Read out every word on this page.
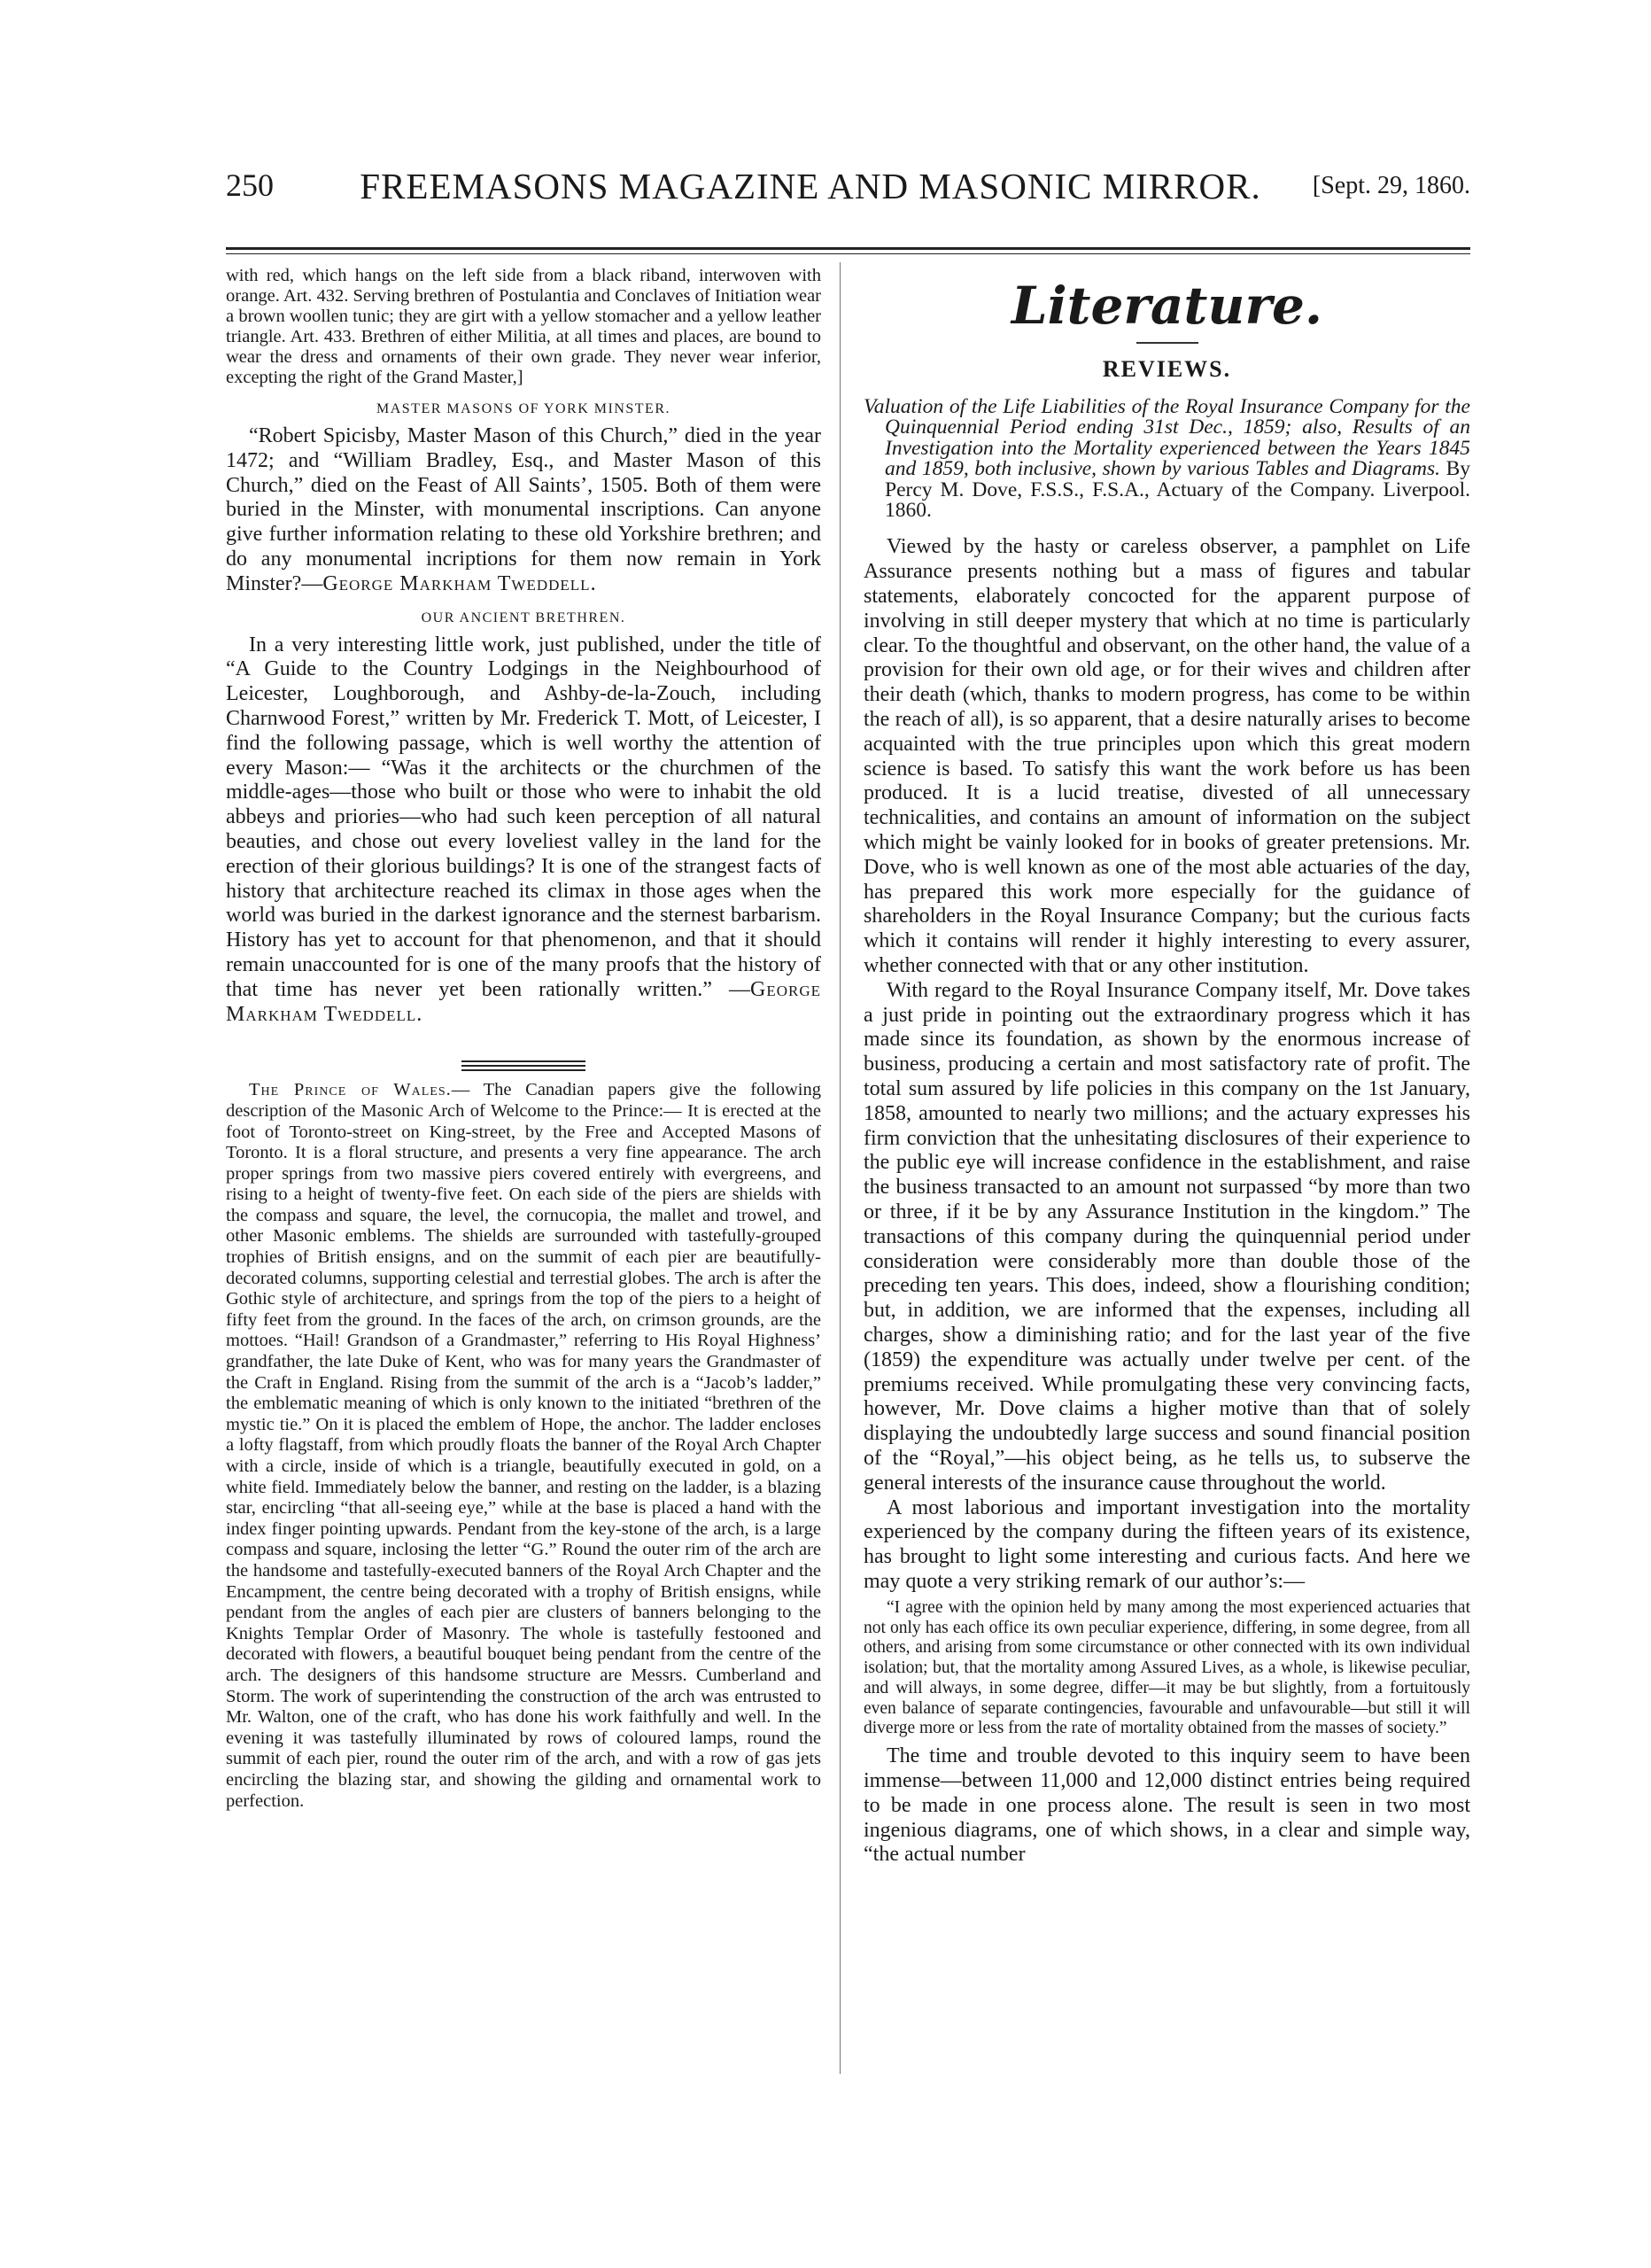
250	FREEMASONS MAGAZINE AND MASONIC MIRROR.	[Sept. 29, 1860.

with red, which hangs on the left side from a black riband, interwoven with orange. Art. 432. Serving brethren of Postulantia and Conclaves of Initiation wear a brown woollen tunic; they are girt with a yellow stomacher and a yellow leather triangle. Art. 433. Brethren of either Militia, at all times and places, are bound to wear the dress and ornaments of their own grade. They never wear inferior, excepting the right of the Grand Master,]

MASTER MASONS OF YORK MINSTER.

“Robert Spicisby, Master Mason of this Church,” died in the year 1472; and “William Bradley, Esq., and Master Mason of this Church,” died on the Feast of All Saints’, 1505. Both of them were buried in the Minster, with monumental inscriptions. Can anyone give further information relating to these old Yorkshire brethren; and do any monumental incriptions for them now remain in York Minster?—George Markham Tweddell.

OUR ANCIENT BRETHREN.

In a very interesting little work, just published, under the title of “A Guide to the Country Lodgings in the Neighbourhood of Leicester, Loughborough, and Ashby-de-la-Zouch, including Charnwood Forest,” written by Mr. Frederick T. Mott, of Leicester, I find the following passage, which is well worthy the attention of every Mason:— “Was it the architects or the churchmen of the middle-ages—those who built or those who were to inhabit the old abbeys and priories—who had such keen perception of all natural beauties, and chose out every loveliest valley in the land for the erection of their glorious buildings? It is one of the strangest facts of history that architecture reached its climax in those ages when the world was buried in the darkest ignorance and the sternest barbarism. History has yet to account for that phenomenon, and that it should remain unaccounted for is one of the many proofs that the history of that time has never yet been rationally written.” —George Markham Tweddell.

The Prince of Wales.— The Canadian papers give the following description of the Masonic Arch of Welcome to the Prince:— It is erected at the foot of Toronto-street on King-street, by the Free and Accepted Masons of Toronto. It is a floral structure, and presents a very fine appearance. The arch proper springs from two massive piers covered entirely with evergreens, and rising to a height of twenty-five feet. On each side of the piers are shields with the compass and square, the level, the cornucopia, the mallet and trowel, and other Masonic emblems. The shields are surrounded with tastefully-grouped trophies of British ensigns, and on the summit of each pier are beautifully-decorated columns, supporting celestial and terrestial globes. The arch is after the Gothic style of architecture, and springs from the top of the piers to a height of fifty feet from the ground. In the faces of the arch, on crimson grounds, are the mottoes. “Hail! Grandson of a Grandmaster,” referring to His Royal Highness’ grandfather, the late Duke of Kent, who was for many years the Grandmaster of the Craft in England. Rising from the summit of the arch is a “Jacob’s ladder,” the emblematic meaning of which is only known to the initiated “brethren of the mystic tie.” On it is placed the emblem of Hope, the anchor. The ladder encloses a lofty flagstaff, from which proudly floats the banner of the Royal Arch Chapter with a circle, inside of which is a triangle, beautifully executed in gold, on a white field. Immediately below the banner, and resting on the ladder, is a blazing star, encircling “that all-seeing eye,” while at the base is placed a hand with the index finger pointing upwards. Pendant from the key-stone of the arch, is a large compass and square, inclosing the letter “G.” Round the outer rim of the arch are the handsome and tastefully-executed banners of the Royal Arch Chapter and the Encampment, the centre being decorated with a trophy of British ensigns, while pendant from the angles of each pier are clusters of banners belonging to the Knights Templar Order of Masonry. The whole is tastefully festooned and decorated with flowers, a beautiful bouquet being pendant from the centre of the arch. The designers of this handsome structure are Messrs. Cumberland and Storm. The work of superintending the construction of the arch was entrusted to Mr. Walton, one of the craft, who has done his work faithfully and well. In the evening it was tastefully illuminated by rows of coloured lamps, round the summit of each pier, round the outer rim of the arch, and with a row of gas jets encircling the blazing star, and showing the gilding and ornamental work to perfection.

Literature.
REVIEWS.

Valuation of the Life Liabilities of the Royal Insurance Company for the Quinquennial Period ending 31st Dec., 1859; also, Results of an Investigation into the Mortality experienced between the Years 1845 and 1859, both inclusive, shown by various Tables and Diagrams. By Percy M. Dove, F.S.S., F.S.A., Actuary of the Company. Liverpool. 1860.

Viewed by the hasty or careless observer, a pamphlet on Life Assurance presents nothing but a mass of figures and tabular statements, elaborately concocted for the apparent purpose of involving in still deeper mystery that which at no time is particularly clear. To the thoughtful and observant, on the other hand, the value of a provision for their own old age, or for their wives and children after their death (which, thanks to modern progress, has come to be within the reach of all), is so apparent, that a desire naturally arises to become acquainted with the true principles upon which this great modern science is based. To satisfy this want the work before us has been produced. It is a lucid treatise, divested of all unnecessary technicalities, and contains an amount of information on the subject which might be vainly looked for in books of greater pretensions. Mr. Dove, who is well known as one of the most able actuaries of the day, has prepared this work more especially for the guidance of shareholders in the Royal Insurance Company; but the curious facts which it contains will render it highly interesting to every assurer, whether connected with that or any other institution.

With regard to the Royal Insurance Company itself, Mr. Dove takes a just pride in pointing out the extraordinary progress which it has made since its foundation, as shown by the enormous increase of business, producing a certain and most satisfactory rate of profit. The total sum assured by life policies in this company on the 1st January, 1858, amounted to nearly two millions; and the actuary expresses his firm conviction that the unhesitating disclosures of their experience to the public eye will increase confidence in the establishment, and raise the business transacted to an amount not surpassed “by more than two or three, if it be by any Assurance Institution in the kingdom.” The transactions of this company during the quinquennial period under consideration were considerably more than double those of the preceding ten years. This does, indeed, show a flourishing condition; but, in addition, we are informed that the expenses, including all charges, show a diminishing ratio; and for the last year of the five (1859) the expenditure was actually under twelve per cent. of the premiums received. While promulgating these very convincing facts, however, Mr. Dove claims a higher motive than that of solely displaying the undoubtedly large success and sound financial position of the “Royal,”—his object being, as he tells us, to subserve the general interests of the insurance cause throughout the world.

A most laborious and important investigation into the mortality experienced by the company during the fifteen years of its existence, has brought to light some interesting and curious facts. And here we may quote a very striking remark of our author’s:—

“I agree with the opinion held by many among the most experienced actuaries that not only has each office its own peculiar experience, differing, in some degree, from all others, and arising from some circumstance or other connected with its own individual isolation; but, that the mortality among Assured Lives, as a whole, is likewise peculiar, and will always, in some degree, differ—it may be but slightly, from a fortuitously even balance of separate contingencies, favourable and unfavourable—but still it will diverge more or less from the rate of mortality obtained from the masses of society.”

The time and trouble devoted to this inquiry seem to have been immense—between 11,000 and 12,000 distinct entries being required to be made in one process alone. The result is seen in two most ingenious diagrams, one of which shows, in a clear and simple way, “the actual number
